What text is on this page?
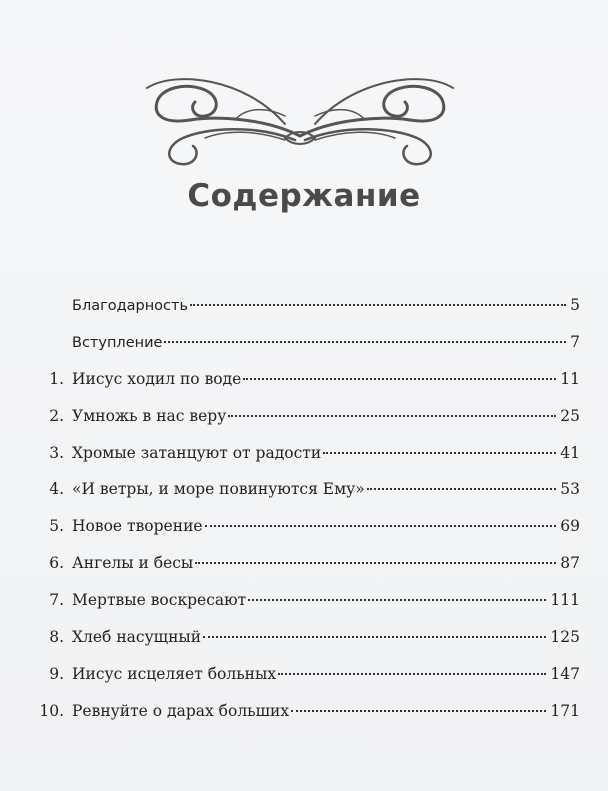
Содержание
Благодарность	5
Вступление	7
1. Иисус ходил по воде	11
2. Умножь в нас веру	25
3. Хромые затанцуют от радости	41
4. «И ветры, и море повинуются Ему»	53
5. Новое творение	69
6. Ангелы и бесы	87
7. Мертвые воскресают	111
8. Хлеб насущный	125
9. Иисус исцеляет больных	147
10. Ревнуйте о дарах больших	171
